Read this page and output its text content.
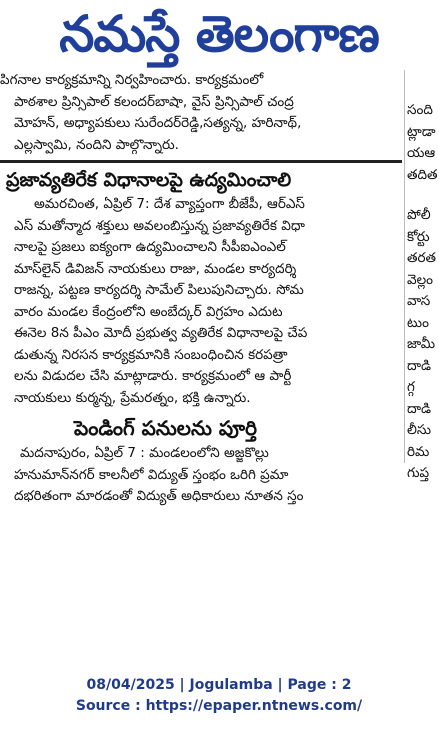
నమస్తే తెలంగాణ
పిగనాల కార్యక్రమాన్ని నిర్వహించారు. కార్యక్రమంలో
పాఠశాల ప్రిన్సిపాల్ కలందర్‌బాషా, వైస్ ప్రిన్సిపాల్ చంద్ర
మోహన్, అధ్యాపకులు సురేందర్‌రెడ్డి,సత్యన్న, హరినాథ్,
ఎల్లస్వామి, నందిని పాల్గొన్నారు.
ప్రజావ్యతిరేక విధానాలపై ఉద్యమించాలి
అమరచింత, ఏప్రిల్ 7: దేశ వ్యాప్తంగా బీజేపీ, ఆర్‌ఎస్
ఎస్ మతోన్మాద శక్తులు అవలంబిస్తున్న ప్రజావ్యతిరేక విధా
నాలపై ప్రజలు ఐక్యంగా ఉద్యమించాలని సీపీఐఎంఎల్
మాస్‌లైన్ డివిజన్ నాయకులు రాజు, మండల కార్యదర్శి
రాజన్న, పట్టణ కార్యదర్శి సామేల్ పిలుపునిచ్చారు. సోమ
వారం మండల కేంద్రంలోని అంబేద్కర్ విగ్రహం ఎదుట
ఈనెల 8న పీఎం మోదీ ప్రభుత్వ వ్యతిరేక విధానాలపై చేప
డుతున్న నిరసన కార్యక్రమానికి సంబంధించిన కరపత్రా
లను విడుదల చేసి మాట్లాడారు. కార్యక్రమంలో ఆ పార్టీ
నాయకులు కుర్మన్న, ప్రేమరత్నం, భక్తి ఉన్నారు.
పెండింగ్ పనులను పూర్తి
మదనాపురం, ఏప్రిల్ 7 : మండలంలోని అజ్జకొల్లు
హనుమాన్‌నగర్ కాలనీలో విద్యుత్ స్తంభం ఒరిగి ప్రమా
దభరితంగా మారడంతో విద్యుత్ అధికారులు నూతన స్తం
సంది
ట్లాడా
యఆ
తదిత
పోలీ
కోర్టు
తరత
వెల్లం
వాస
టుం
జామీ
దాడి
గ్గ
దాడి
లీసు
రిమ
గుప్త
08/04/2025 | Jogulamba | Page : 2
Source : https://epaper.ntnews.com/
